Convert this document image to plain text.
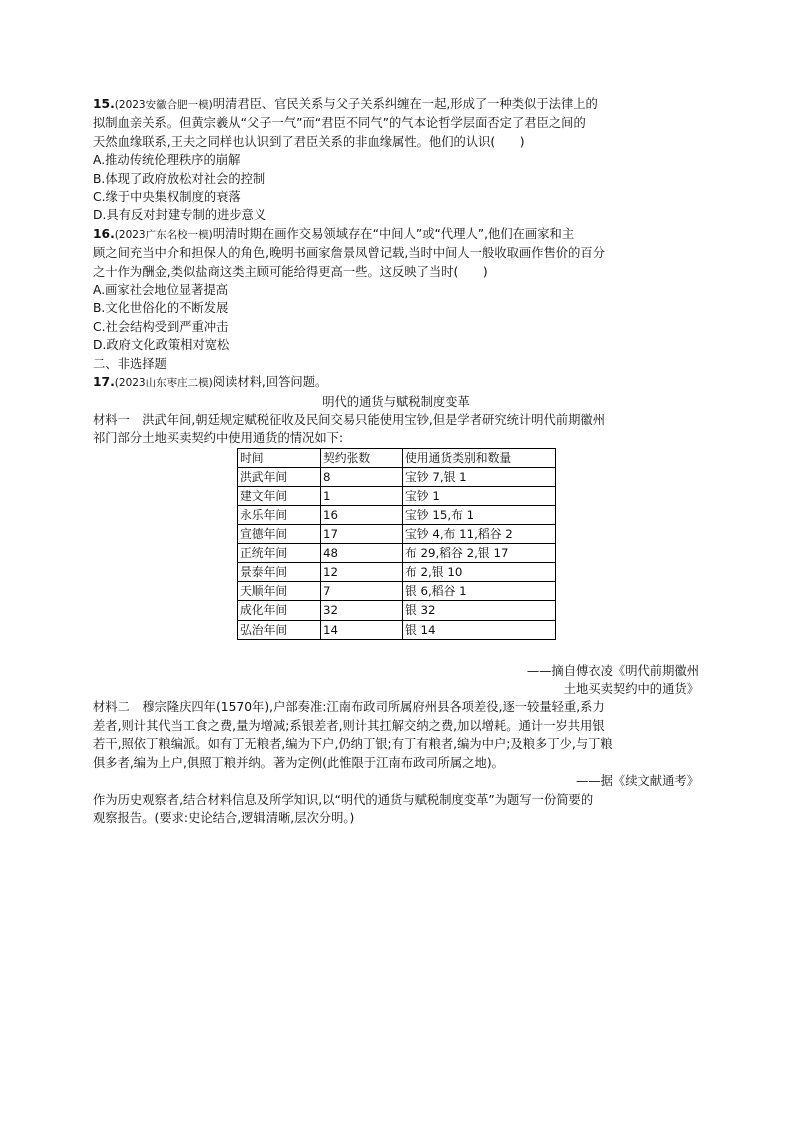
15.(2023安徽合肥一模)明清君臣、官民关系与父子关系纠缠在一起,形成了一种类似于法律上的

拟制血亲关系。但黄宗羲从“父子一气”而“君臣不同气”的气本论哲学层面否定了君臣之间的

天然血缘联系,王夫之同样也认识到了君臣关系的非血缘属性。他们的认识(　　)

A.推动传统伦理秩序的崩解

B.体现了政府放松对社会的控制

C.缘于中央集权制度的衰落

D.具有反对封建专制的进步意义

16.(2023广东名校一模)明清时期在画作交易领域存在“中间人”或“代理人”,他们在画家和主

顾之间充当中介和担保人的角色,晚明书画家詹景凤曾记载,当时中间人一般收取画作售价的百分

之十作为酬金,类似盐商这类主顾可能给得更高一些。这反映了当时(　　)

A.画家社会地位显著提高

B.文化世俗化的不断发展

C.社会结构受到严重冲击

D.政府文化政策相对宽松

二、非选择题

17.(2023山东枣庄二模)阅读材料,回答问题。

明代的通货与赋税制度变革

材料一　洪武年间,朝廷规定赋税征收及民间交易只能使用宝钞,但是学者研究统计明代前期徽州

祁门部分土地买卖契约中使用通货的情况如下:

时间	契约张数	使用通货类别和数量
洪武年间	8	宝钞 7,银 1
建文年间	1	宝钞 1
永乐年间	16	宝钞 15,布 1
宣德年间	17	宝钞 4,布 11,稻谷 2
正统年间	48	布 29,稻谷 2,银 17
景泰年间	12	布 2,银 10
天顺年间	7	银 6,稻谷 1
成化年间	32	银 32
弘治年间	14	银 14

——摘自傅衣凌《明代前期徽州

土地买卖契约中的通货》

材料二　穆宗隆庆四年(1570年),户部奏准:江南布政司所属府州县各项差役,逐一较量轻重,系力

差者,则计其代当工食之费,量为增减;系银差者,则计其扛解交纳之费,加以增耗。通计一岁共用银

若干,照依丁粮编派。如有丁无粮者,编为下户,仍纳丁银;有丁有粮者,编为中户;及粮多丁少,与丁粮

俱多者,编为上户,俱照丁粮并纳。著为定例(此惟限于江南布政司所属之地)。

——据《续文献通考》

作为历史观察者,结合材料信息及所学知识,以“明代的通货与赋税制度变革”为题写一份简要的

观察报告。(要求:史论结合,逻辑清晰,层次分明。)
